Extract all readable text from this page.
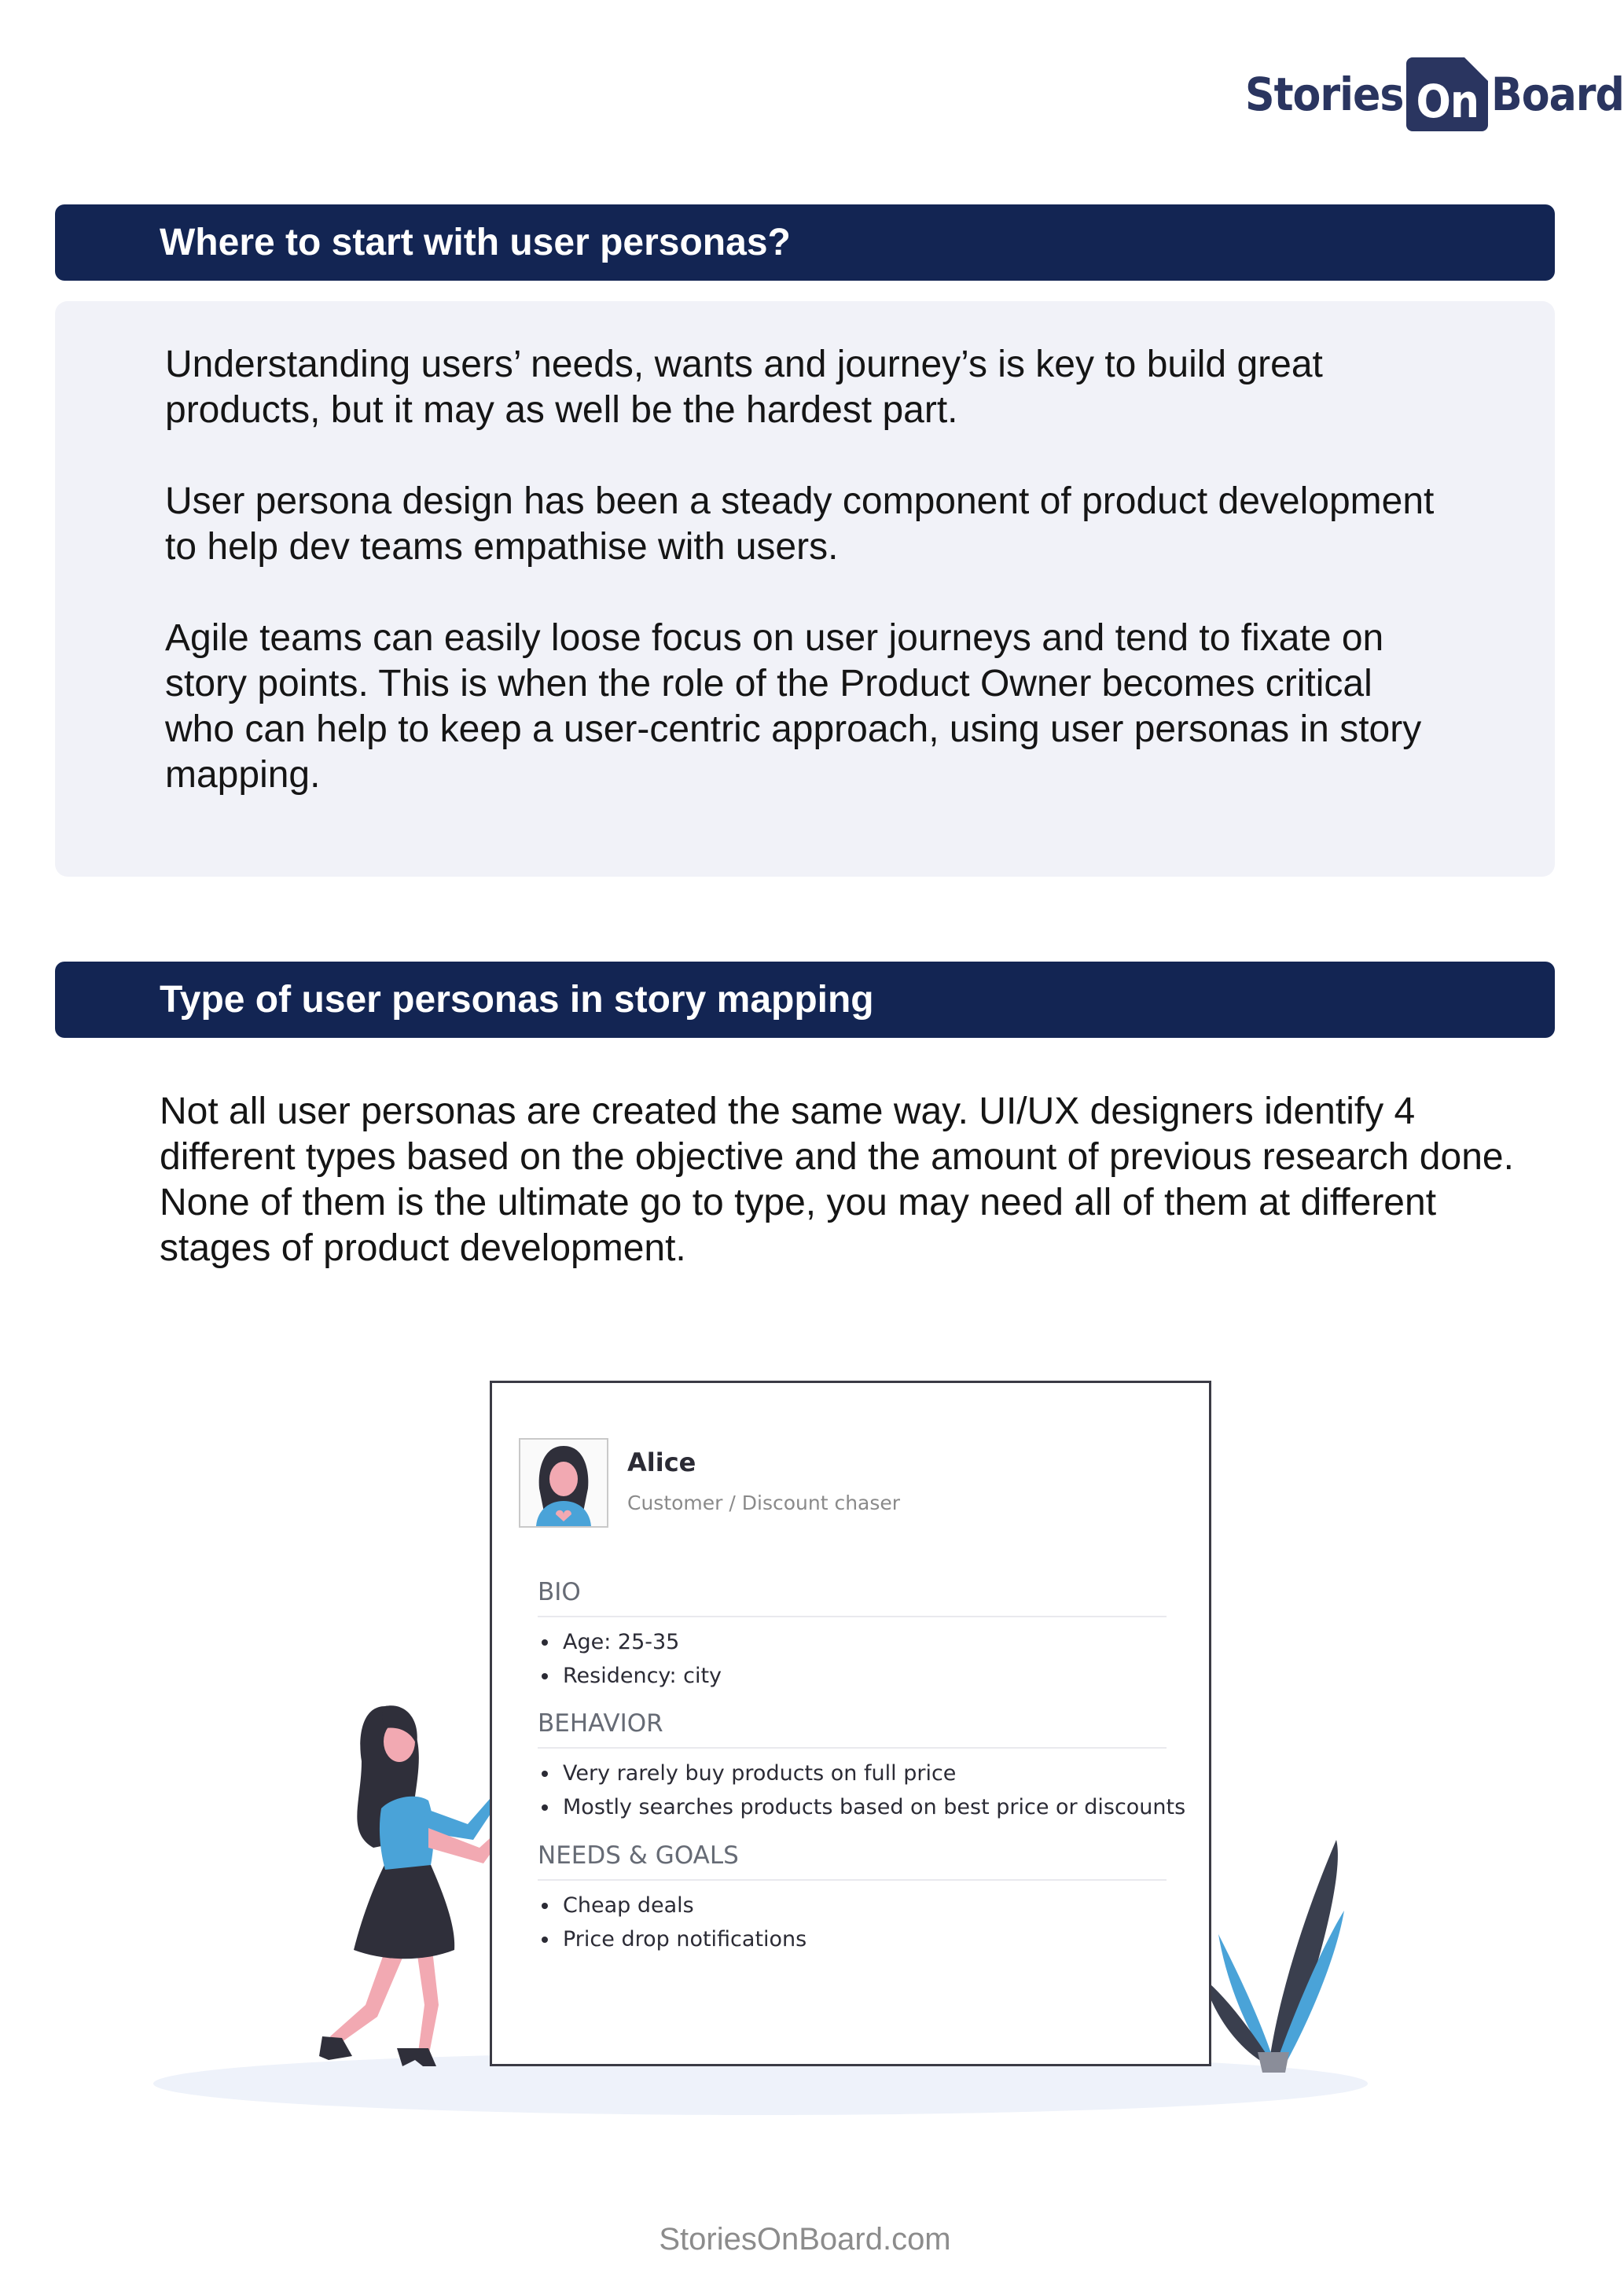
Stories On Board
Where to start with user personas?

Understanding users’ needs, wants and journey’s is key to build great products, but it may as well be the hardest part.

User persona design has been a steady component of product development to help dev teams empathise with users.

Agile teams can easily loose focus on user journeys and tend to fixate on story points. This is when the role of the Product Owner becomes critical who can help to keep a user-centric approach, using user personas in story mapping.

Type of user personas in story mapping

Not all user personas are created the same way. UI/UX designers identify 4 different types based on the objective and the amount of previous research done. None of them is the ultimate go to type, you may need all of them at different stages of product development.

Alice
Customer / Discount chaser
BIO
• Age: 25-35
• Residency: city
BEHAVIOR
• Very rarely buy products on full price
• Mostly searches products based on best price or discounts
NEEDS & GOALS
• Cheap deals
• Price drop notifications
StoriesOnBoard.com
